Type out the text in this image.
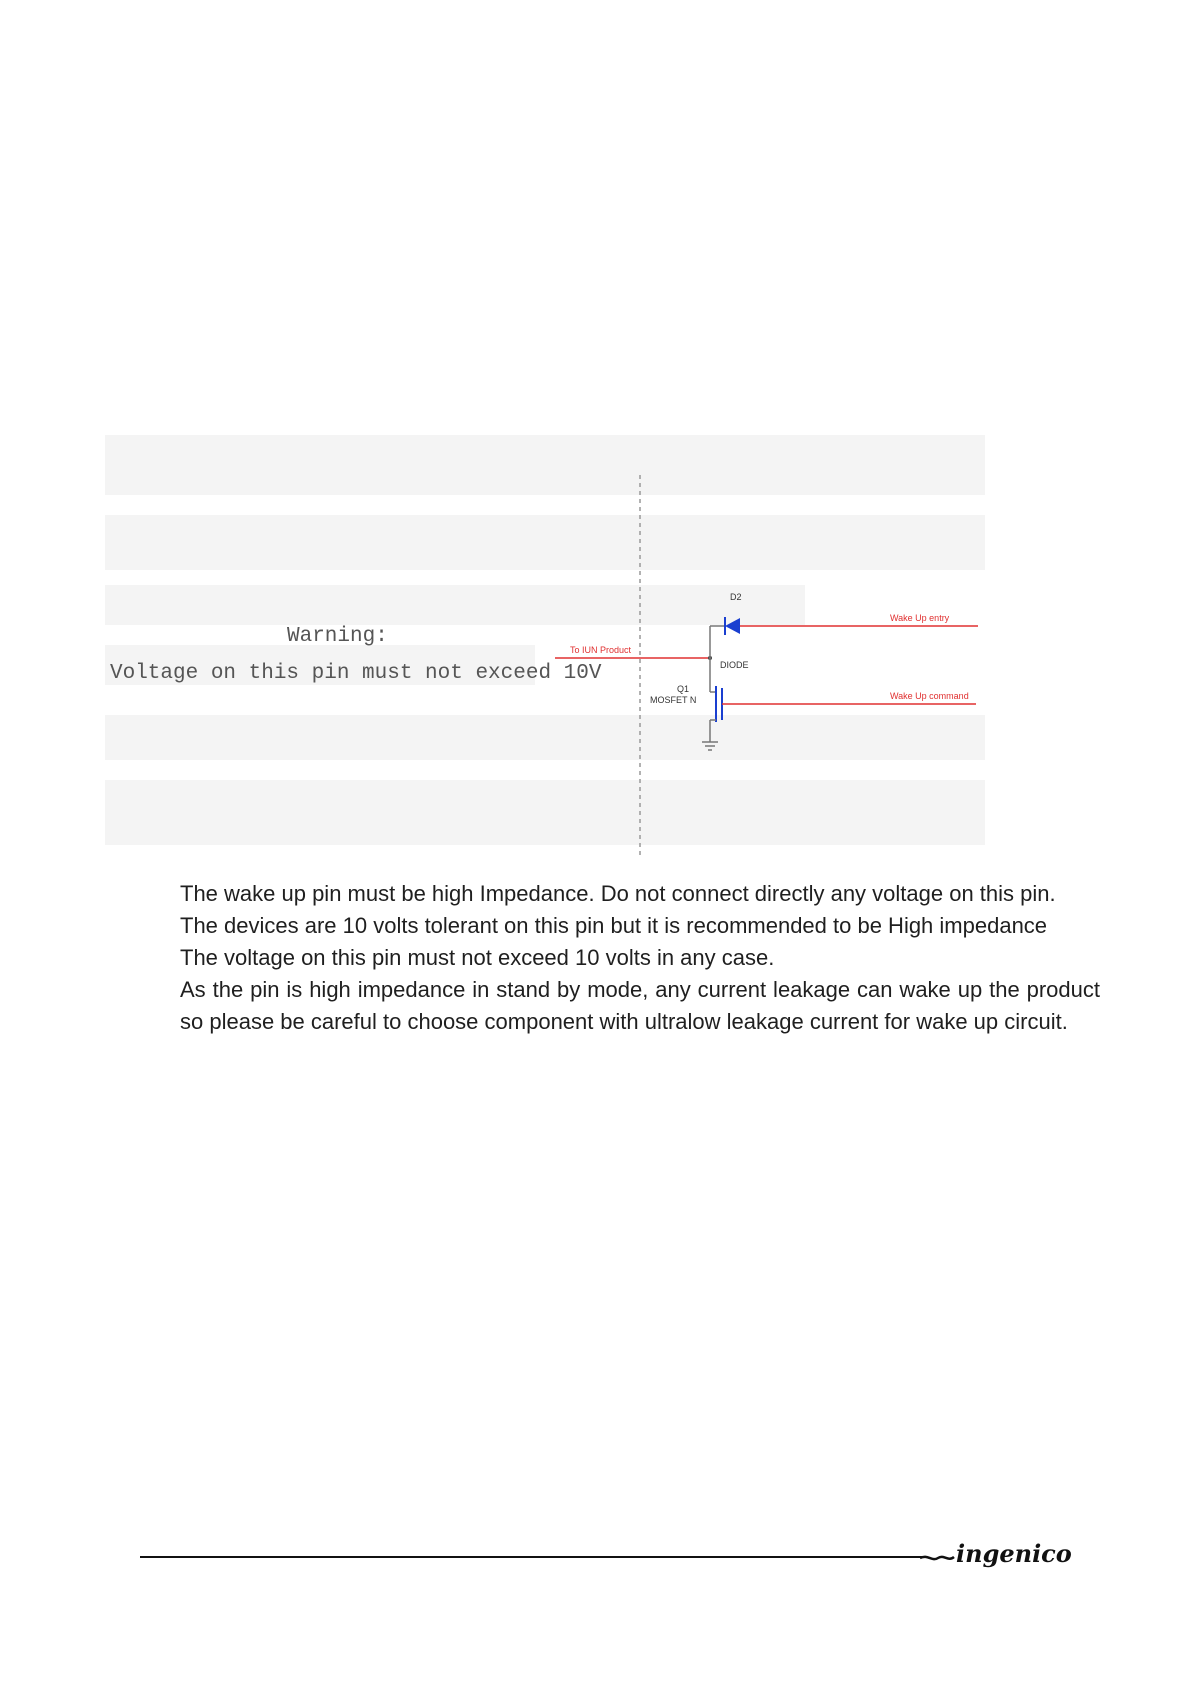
Warning:
Voltage on this pin must not exceed 10V
To IUN Product
Wake Up entry
D2
DIODE
Wake Up command
Q1
MOSFET N

The wake up pin must be high Impedance. Do not connect directly any voltage on this pin.

The devices are 10 volts tolerant on this pin but it is recommended to be High impedance

The voltage on this pin must not exceed 10 volts in any case.

As the pin is high impedance in stand by mode, any current leakage can wake up the product so please be careful to choose component with ultralow leakage current for wake up circuit.

ingenico
